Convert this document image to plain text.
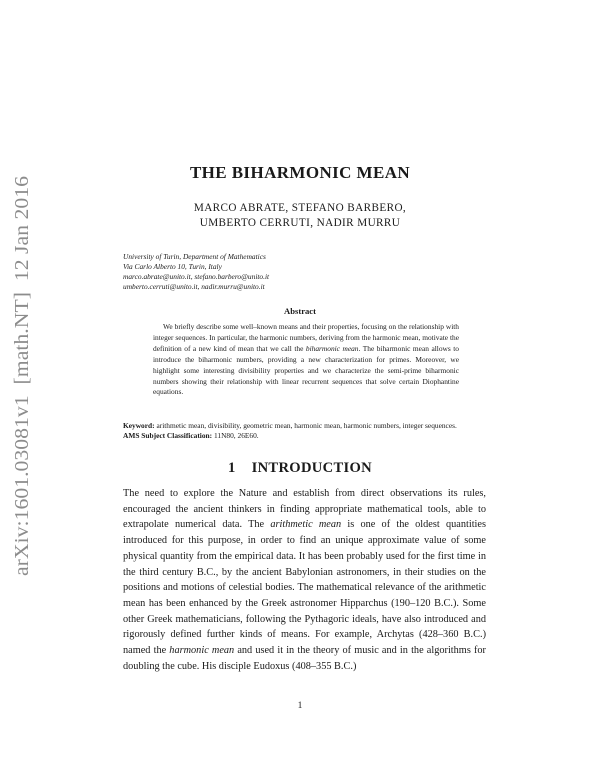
arXiv:1601.03081v1  [math.NT]  12 Jan 2016
THE BIHARMONIC MEAN
MARCO ABRATE, STEFANO BARBERO,
UMBERTO CERRUTI, NADIR MURRU
University of Turin, Department of Mathematics
Via Carlo Alberto 10, Turin, Italy
marco.abrate@unito.it, stefano.barbero@unito.it
umberto.cerruti@unito.it, nadir.murru@unito.it
Abstract
We briefly describe some well–known means and their properties, focusing on the relationship with integer sequences. In particular, the harmonic numbers, deriving from the harmonic mean, motivate the definition of a new kind of mean that we call the biharmonic mean. The biharmonic mean allows to introduce the biharmonic numbers, providing a new characterization for primes. Moreover, we highlight some interesting divisibility properties and we characterize the semi-prime biharmonic numbers showing their relationship with linear recurrent sequences that solve certain Diophantine equations.
Keyword: arithmetic mean, divisibility, geometric mean, harmonic mean, harmonic numbers, integer sequences.
AMS Subject Classification: 11N80, 26E60.
1 INTRODUCTION
The need to explore the Nature and establish from direct observations its rules, encouraged the ancient thinkers in finding appropriate mathematical tools, able to extrapolate numerical data. The arithmetic mean is one of the oldest quantities introduced for this purpose, in order to find an unique approximate value of some physical quantity from the empirical data. It has been probably used for the first time in the third century B.C., by the ancient Babylonian astronomers, in their studies on the positions and motions of celestial bodies. The mathematical relevance of the arithmetic mean has been enhanced by the Greek astronomer Hipparchus (190–120 B.C.). Some other Greek mathematicians, following the Pythagoric ideals, have also introduced and rigorously defined further kinds of means. For example, Archytas (428–360 B.C.) named the harmonic mean and used it in the theory of music and in the algorithms for doubling the cube. His disciple Eudoxus (408–355 B.C.)
1
